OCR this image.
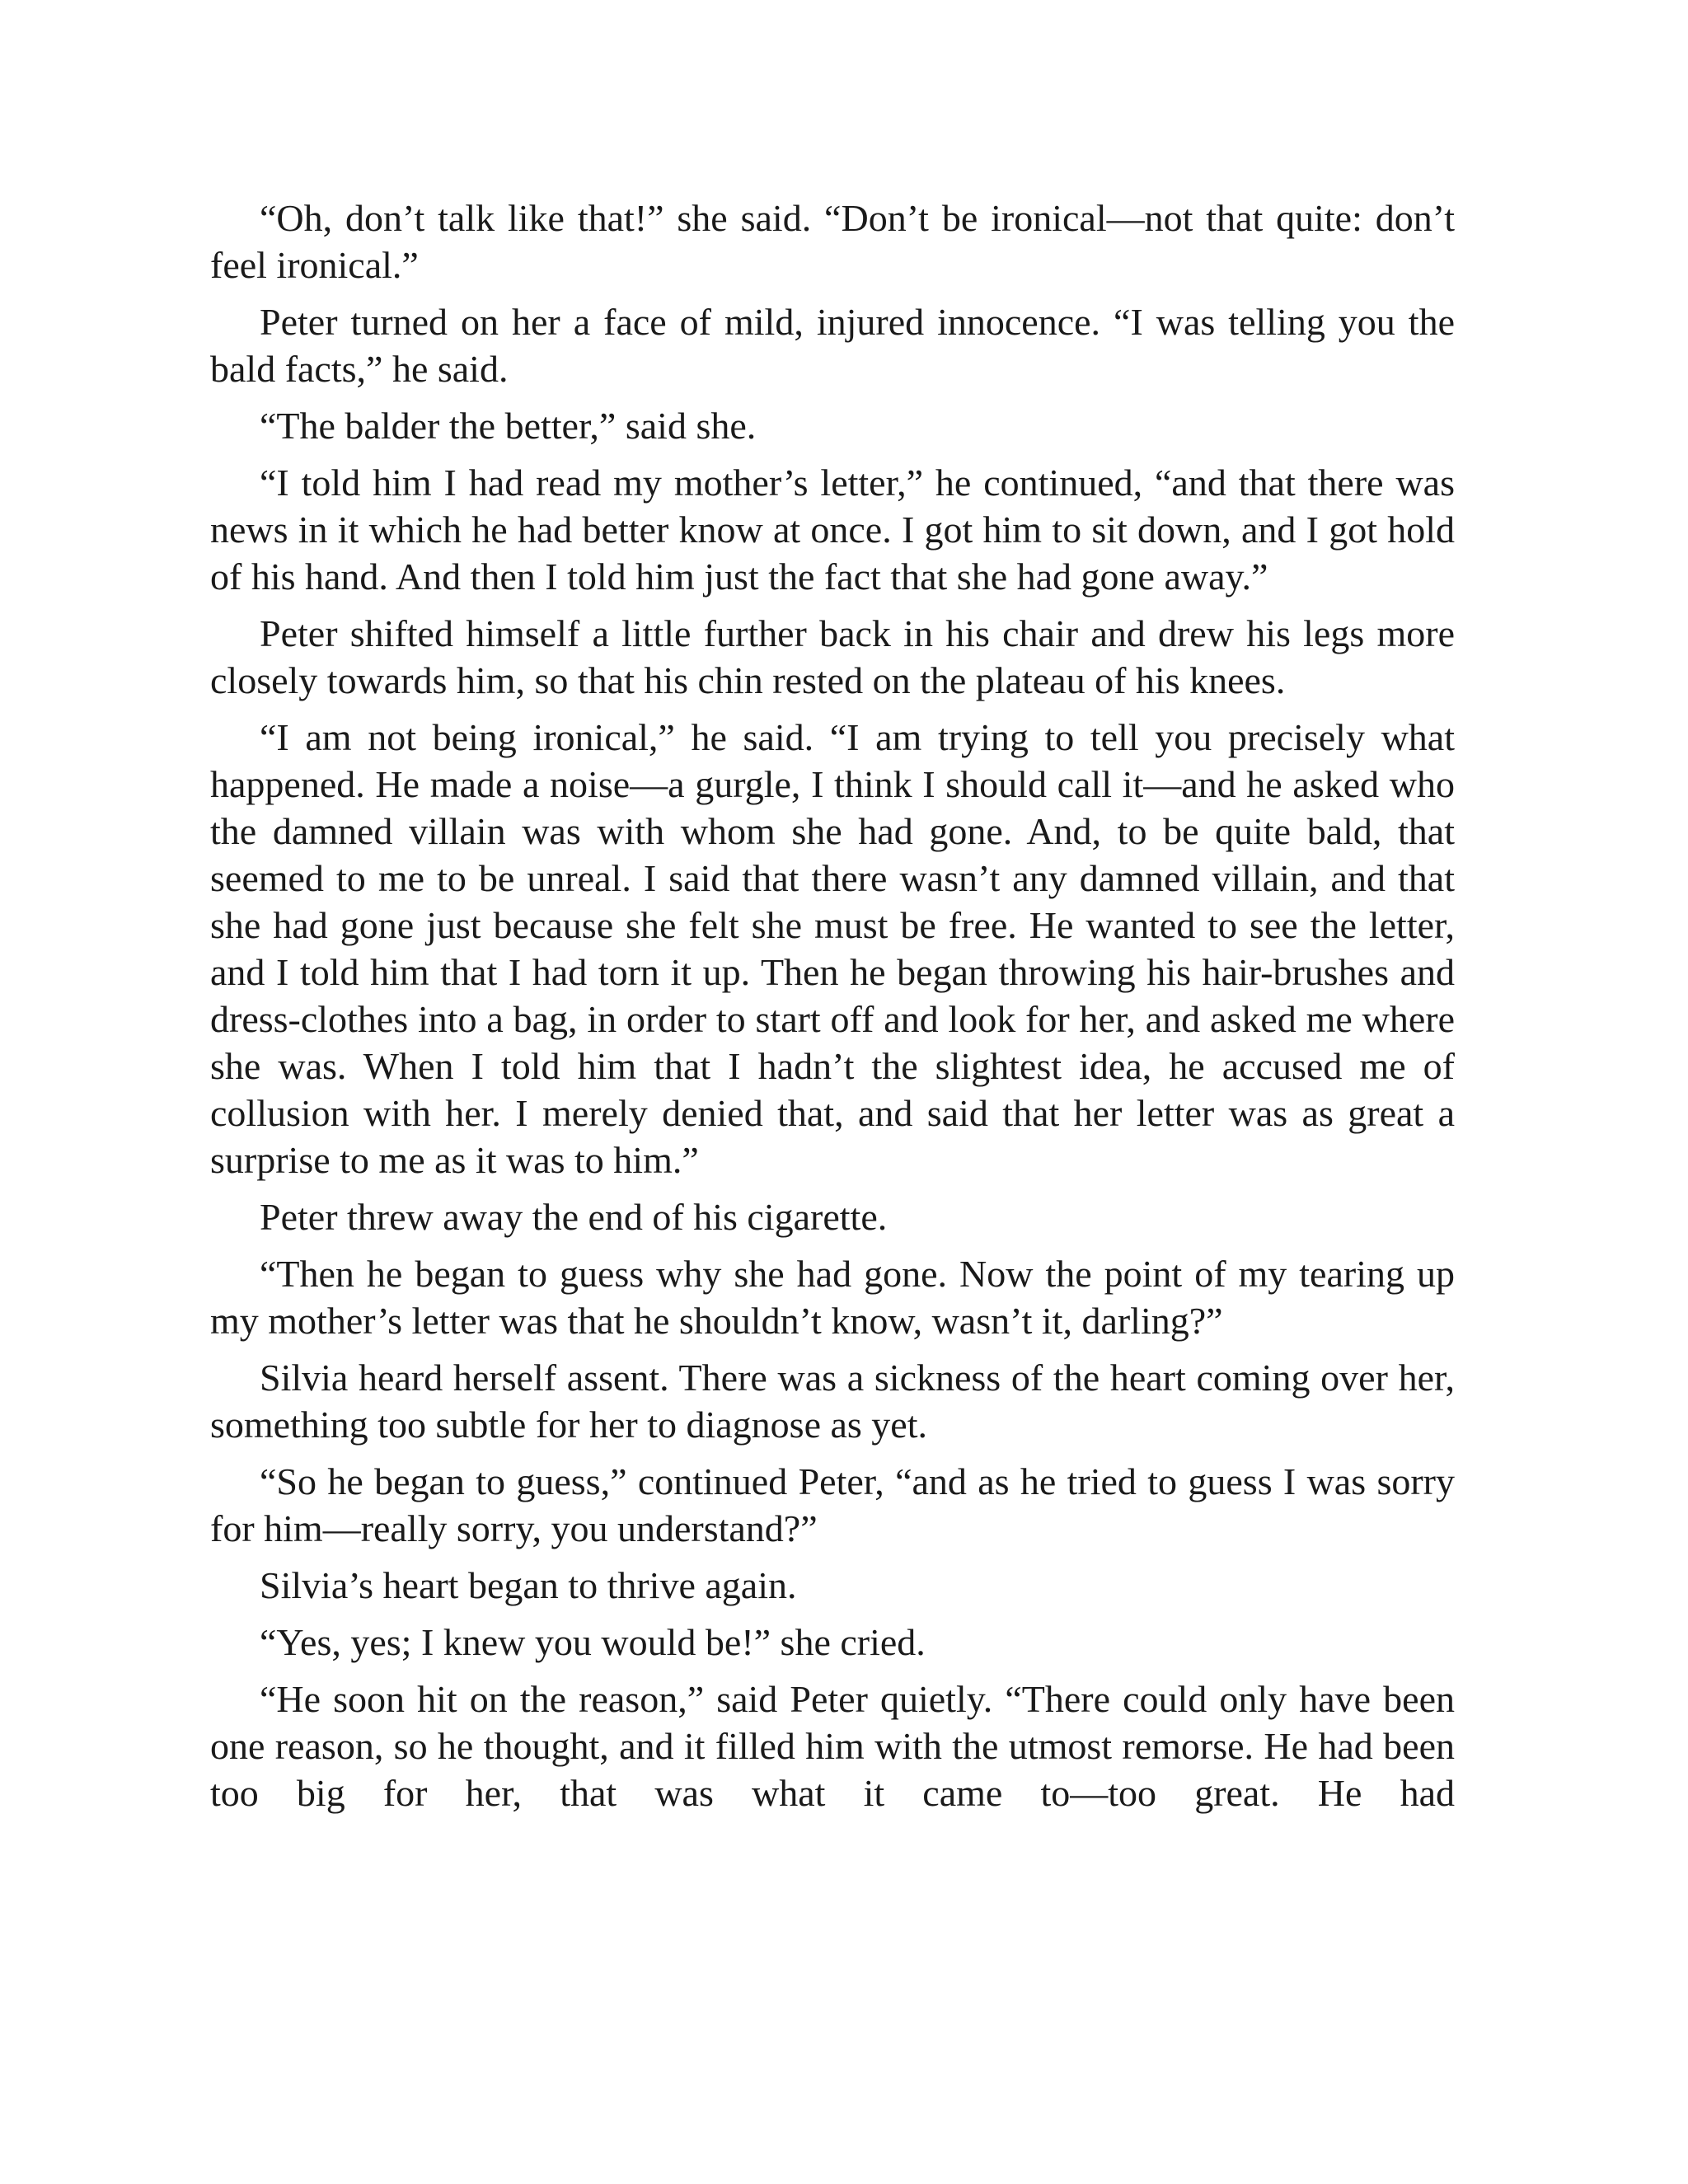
“Oh, don’t talk like that!” she said. “Don’t be ironical—not that quite: don’t feel ironical.”

Peter turned on her a face of mild, injured innocence. “I was telling you the bald facts,” he said.

“The balder the better,” said she.

“I told him I had read my mother’s letter,” he continued, “and that there was news in it which he had better know at once. I got him to sit down, and I got hold of his hand. And then I told him just the fact that she had gone away.”

Peter shifted himself a little further back in his chair and drew his legs more closely towards him, so that his chin rested on the plateau of his knees.

“I am not being ironical,” he said. “I am trying to tell you precisely what happened. He made a noise—a gurgle, I think I should call it—and he asked who the damned villain was with whom she had gone. And, to be quite bald, that seemed to me to be unreal. I said that there wasn’t any damned villain, and that she had gone just because she felt she must be free. He wanted to see the letter, and I told him that I had torn it up. Then he began throwing his hair-brushes and dress-clothes into a bag, in order to start off and look for her, and asked me where she was. When I told him that I hadn’t the slightest idea, he accused me of collusion with her. I merely denied that, and said that her letter was as great a surprise to me as it was to him.”

Peter threw away the end of his cigarette.

“Then he began to guess why she had gone. Now the point of my tearing up my mother’s letter was that he shouldn’t know, wasn’t it, darling?”

Silvia heard herself assent. There was a sickness of the heart coming over her, something too subtle for her to diagnose as yet.

“So he began to guess,” continued Peter, “and as he tried to guess I was sorry for him—really sorry, you understand?”

Silvia’s heart began to thrive again.

“Yes, yes; I knew you would be!” she cried.

“He soon hit on the reason,” said Peter quietly. “There could only have been one reason, so he thought, and it filled him with the utmost remorse. He had been too big for her, that was what it came to—too great. He had
